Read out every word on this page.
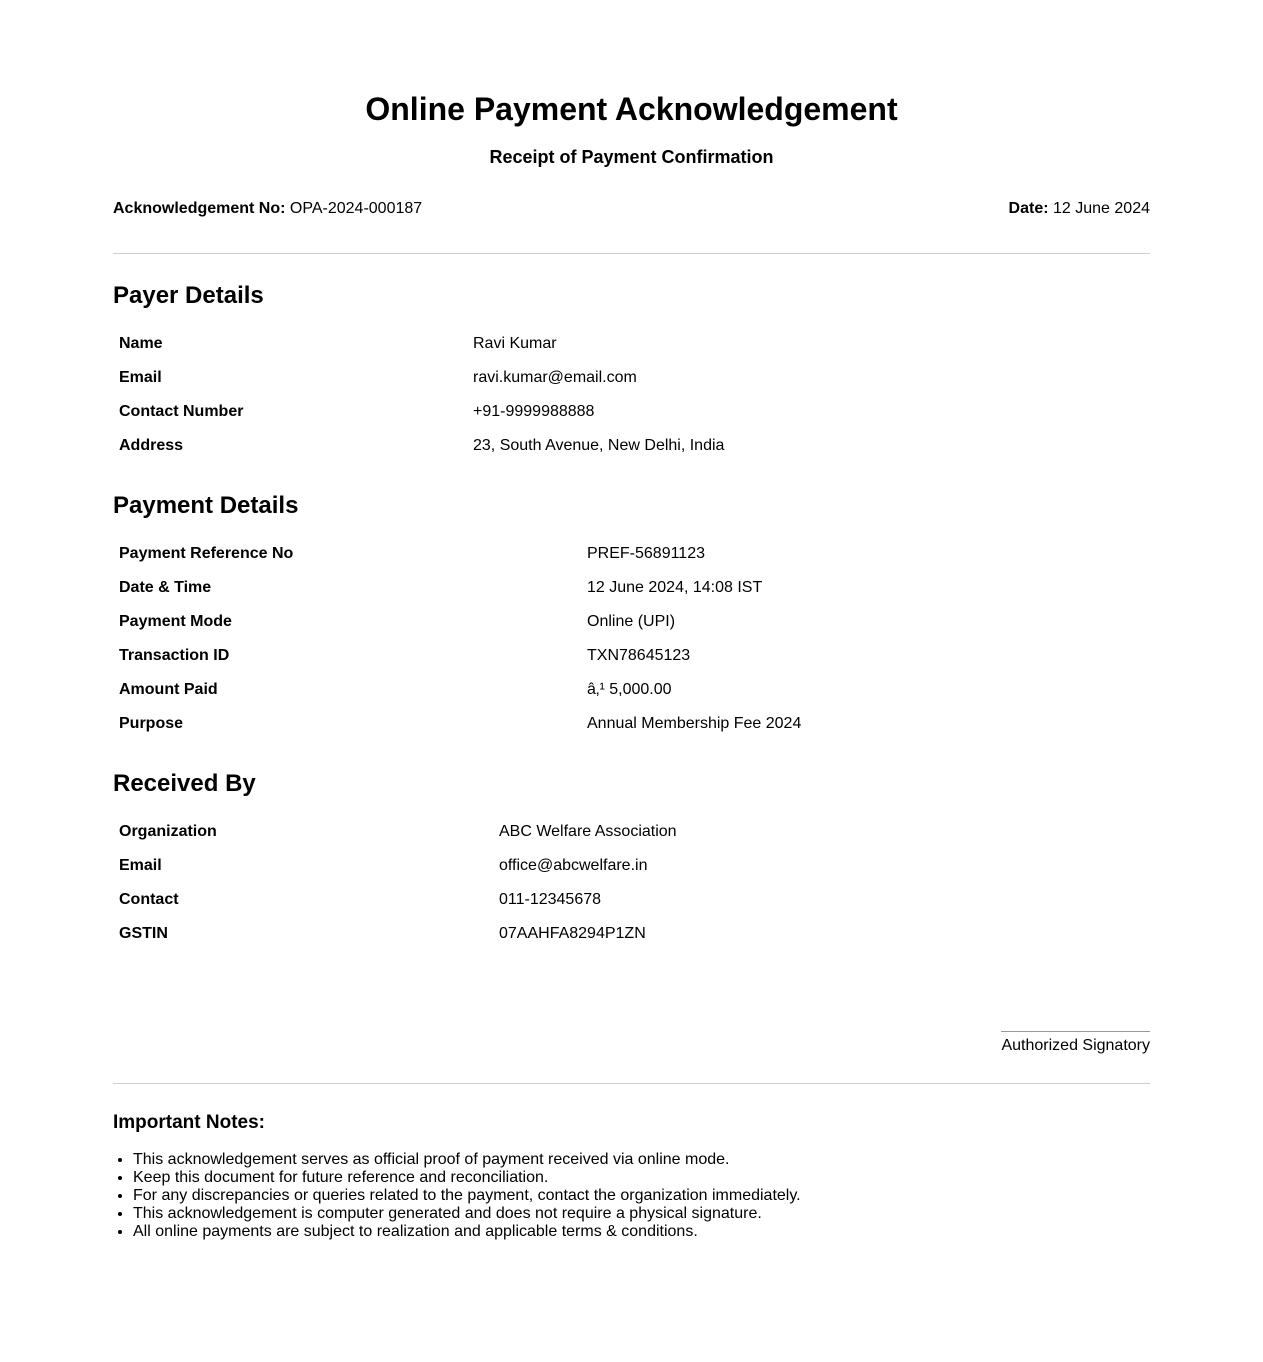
Online Payment Acknowledgement
Receipt of Payment Confirmation
Acknowledgement No: OPA-2024-000187	Date: 12 June 2024
Payer Details
Name	Ravi Kumar
Email	ravi.kumar@email.com
Contact Number	+91-9999988888
Address	23, South Avenue, New Delhi, India
Payment Details
Payment Reference No	PREF-56891123
Date & Time	12 June 2024, 14:08 IST
Payment Mode	Online (UPI)
Transaction ID	TXN78645123
Amount Paid	â‚¹ 5,000.00
Purpose	Annual Membership Fee 2024
Received By
Organization	ABC Welfare Association
Email	office@abcwelfare.in
Contact	011-12345678
GSTIN	07AAHFA8294P1ZN
Authorized Signatory
Important Notes:
• This acknowledgement serves as official proof of payment received via online mode.
• Keep this document for future reference and reconciliation.
• For any discrepancies or queries related to the payment, contact the organization immediately.
• This acknowledgement is computer generated and does not require a physical signature.
• All online payments are subject to realization and applicable terms & conditions.
